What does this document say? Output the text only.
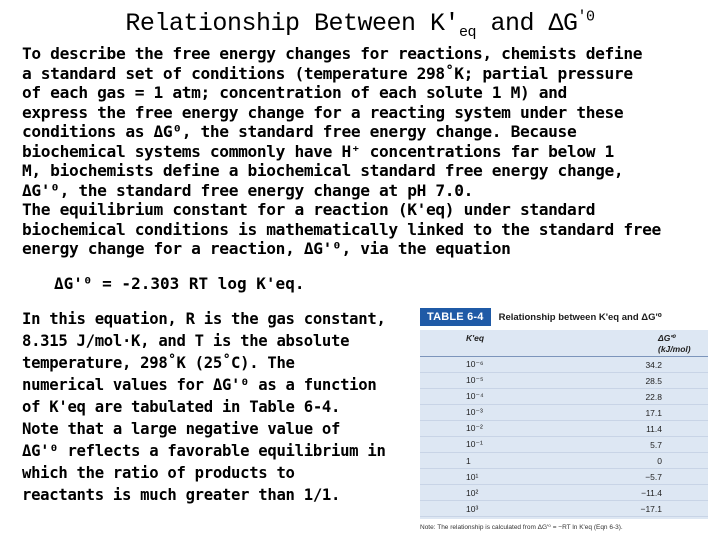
Relationship Between $K'_{eq}$ and $\Delta G^{'0}$

To describe the free energy changes for reactions, chemists define
a standard set of conditions (temperature 298˚K; partial pressure
of each gas = 1 atm; concentration of each solute 1 M) and
express the free energy change for a reacting system under these
conditions as ΔG⁰, the standard free energy change. Because
biochemical systems commonly have H⁺ concentrations far below 1
M, biochemists define a biochemical standard free energy change,
ΔG'⁰, the standard free energy change at pH 7.0.

The equilibrium constant for a reaction (K'eq) under standard
biochemical conditions is mathematically linked to the standard free
energy change for a reaction, ΔG'⁰, via the equation

ΔG'⁰ = -2.303 RT log K'eq.

In this equation, R is the gas constant,
8.315 J/mol·K, and T is the absolute
temperature, 298˚K (25˚C). The
numerical values for ΔG'⁰ as a function
of K'eq are tabulated in Table 6-4.
Note that a large negative value of
ΔG'⁰ reflects a favorable equilibrium in
which the ratio of products to
reactants is much greater than 1/1.

TABLE 6-4	Relationship between K'eq and ΔG'⁰
K'eq	ΔG'⁰ (kJ/mol)
10⁻⁶	34.2
10⁻⁵	28.5
10⁻⁴	22.8
10⁻³	17.1
10⁻²	11.4
10⁻¹	5.7
1	0
10¹	−5.7
10²	−11.4
10³	−17.1
Note: The relationship is calculated from ΔG'⁰ = −RT ln K'eq (Eqn 6-3).
